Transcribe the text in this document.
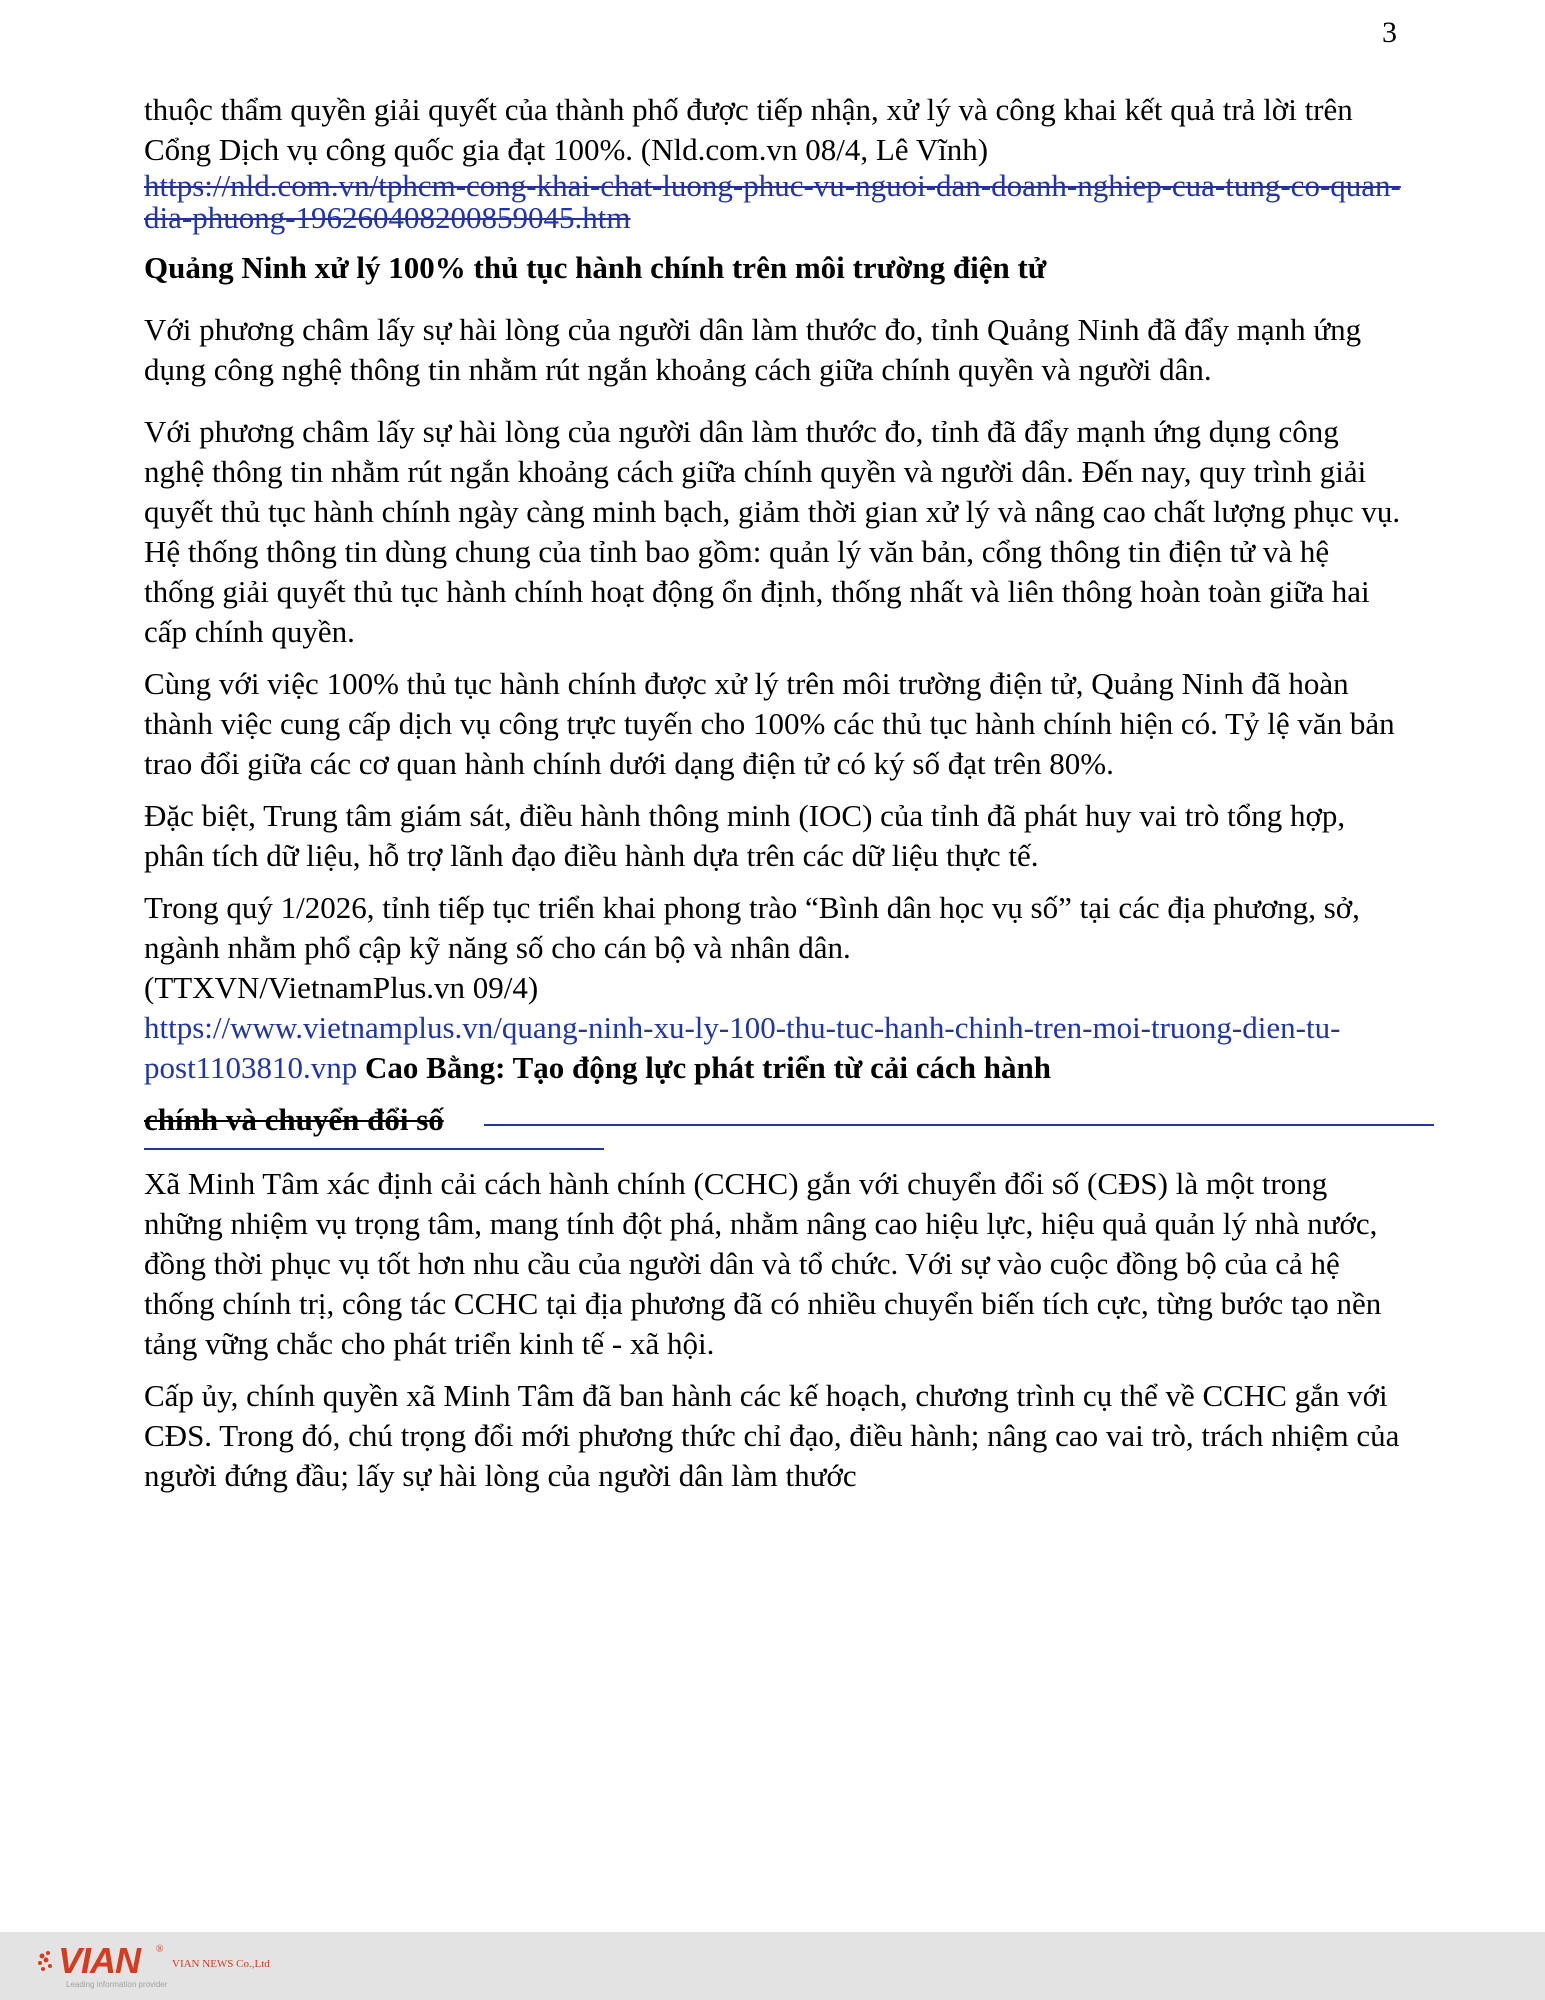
3

thuộc thẩm quyền giải quyết của thành phố được tiếp nhận, xử lý và công khai kết quả trả lời trên Cổng Dịch vụ công quốc gia đạt 100%. (Nld.com.vn 08/4, Lê Vĩnh)

https://nld.com.vn/tphcm-cong-khai-chat-luong-phuc-vu-nguoi-dan-doanh-nghiep-cua-tung-co-quan-dia-phuong-196260408200859045.htm

Quảng Ninh xử lý 100% thủ tục hành chính trên môi trường điện tử

Với phương châm lấy sự hài lòng của người dân làm thước đo, tỉnh Quảng Ninh đã đẩy mạnh ứng dụng công nghệ thông tin nhằm rút ngắn khoảng cách giữa chính quyền và người dân.

Với phương châm lấy sự hài lòng của người dân làm thước đo, tỉnh đã đẩy mạnh ứng dụng công nghệ thông tin nhằm rút ngắn khoảng cách giữa chính quyền và người dân. Đến nay, quy trình giải quyết thủ tục hành chính ngày càng minh bạch, giảm thời gian xử lý và nâng cao chất lượng phục vụ. Hệ thống thông tin dùng chung của tỉnh bao gồm: quản lý văn bản, cổng thông tin điện tử và hệ thống giải quyết thủ tục hành chính hoạt động ổn định, thống nhất và liên thông hoàn toàn giữa hai cấp chính quyền.

Cùng với việc 100% thủ tục hành chính được xử lý trên môi trường điện tử, Quảng Ninh đã hoàn thành việc cung cấp dịch vụ công trực tuyến cho 100% các thủ tục hành chính hiện có. Tỷ lệ văn bản trao đổi giữa các cơ quan hành chính dưới dạng điện tử có ký số đạt trên 80%.

Đặc biệt, Trung tâm giám sát, điều hành thông minh (IOC) của tỉnh đã phát huy vai trò tổng hợp, phân tích dữ liệu, hỗ trợ lãnh đạo điều hành dựa trên các dữ liệu thực tế.

Trong quý 1/2026, tỉnh tiếp tục triển khai phong trào “Bình dân học vụ số” tại các địa phương, sở, ngành nhằm phổ cập kỹ năng số cho cán bộ và nhân dân.

(TTXVN/VietnamPlus.vn 09/4)

https://www.vietnamplus.vn/quang-ninh-xu-ly-100-thu-tuc-hanh-chinh-tren-moi-truong-dien-tu-post1103810.vnp Cao Bằng: Tạo động lực phát triển từ cải cách hành

chính và chuyển đổi số

Xã Minh Tâm xác định cải cách hành chính (CCHC) gắn với chuyển đổi số (CĐS) là một trong những nhiệm vụ trọng tâm, mang tính đột phá, nhằm nâng cao hiệu lực, hiệu quả quản lý nhà nước, đồng thời phục vụ tốt hơn nhu cầu của người dân và tổ chức. Với sự vào cuộc đồng bộ của cả hệ thống chính trị, công tác CCHC tại địa phương đã có nhiều chuyển biến tích cực, từng bước tạo nền tảng vững chắc cho phát triển kinh tế - xã hội.

Cấp ủy, chính quyền xã Minh Tâm đã ban hành các kế hoạch, chương trình cụ thể về CCHC gắn với CĐS. Trong đó, chú trọng đổi mới phương thức chỉ đạo, điều hành; nâng cao vai trò, trách nhiệm của người đứng đầu; lấy sự hài lòng của người dân làm thước

VIAN ®
VIAN NEWS Co.,Ltd
Leading information provider
